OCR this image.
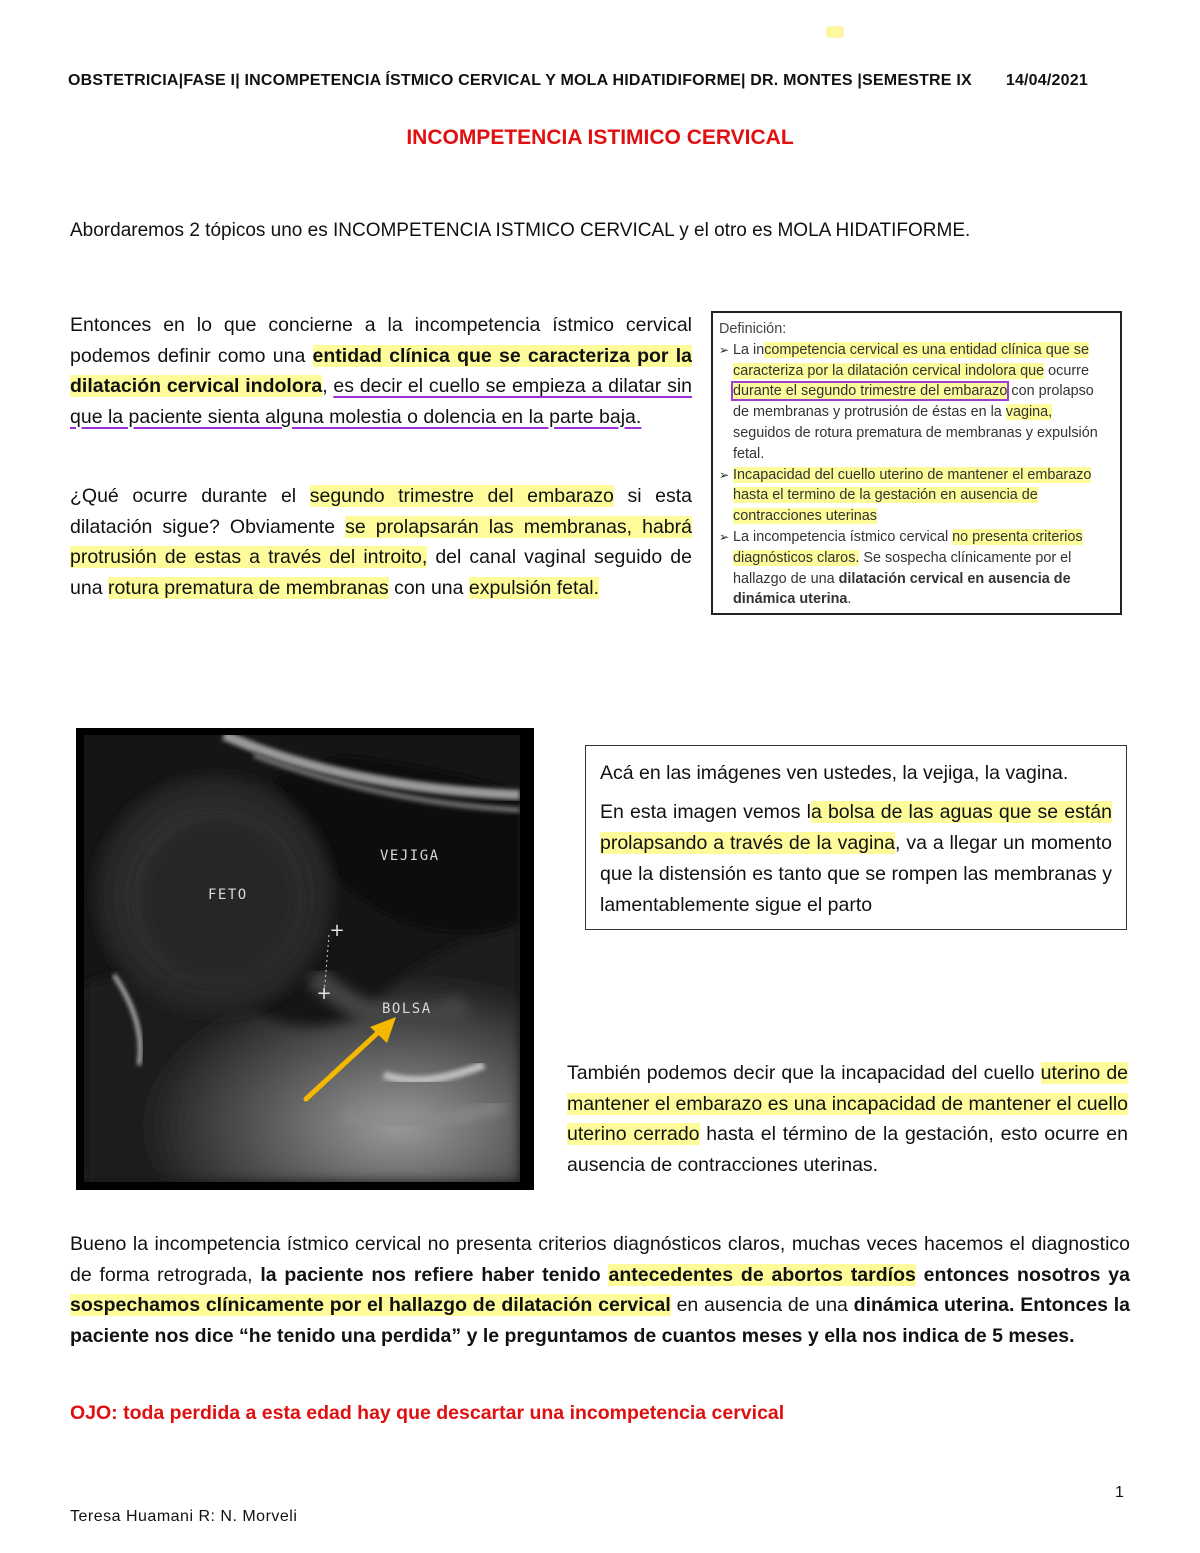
OBSTETRICIA|FASE I| INCOMPETENCIA ÍSTMICO CERVICAL Y MOLA HIDATIDIFORME| DR. MONTES |SEMESTRE IX 14/04/2021
INCOMPETENCIA ISTIMICO CERVICAL
Abordaremos 2 tópicos uno es INCOMPETENCIA ISTMICO CERVICAL y el otro es MOLA HIDATIFORME.
Entonces en lo que concierne a la incompetencia ístmico cervical podemos definir como una entidad clínica que se caracteriza por la dilatación cervical indolora, es decir el cuello se empieza a dilatar sin que la paciente sienta alguna molestia o dolencia en la parte baja.
¿Qué ocurre durante el segundo trimestre del embarazo si esta dilatación sigue? Obviamente se prolapsarán las membranas, habrá protrusión de estas a través del introito, del canal vaginal seguido de una rotura prematura de membranas con una expulsión fetal.
Definición:
➢ La incompetencia cervical es una entidad clínica que se caracteriza por la dilatación cervical indolora que ocurre durante el segundo trimestre del embarazo con prolapso de membranas y protrusión de éstas en la vagina, seguidos de rotura prematura de membranas y expulsión fetal.
➢ Incapacidad del cuello uterino de mantener el embarazo hasta el termino de la gestación en ausencia de contracciones uterinas
➢ La incompetencia ístmico cervical no presenta criterios diagnósticos claros. Se sospecha clínicamente por el hallazgo de una dilatación cervical en ausencia de dinámica uterina.
+
+
FETO
VEJIGA
BOLSA

Acá en las imágenes ven ustedes, la vejiga, la vagina.

En esta imagen vemos la bolsa de las aguas que se están prolapsando a través de la vagina, va a llegar un momento que la distensión es tanto que se rompen las membranas y lamentablemente sigue el parto

También podemos decir que la incapacidad del cuello uterino de mantener el embarazo es una incapacidad de mantener el cuello uterino cerrado hasta el término de la gestación, esto ocurre en ausencia de contracciones uterinas.
Bueno la incompetencia ístmico cervical no presenta criterios diagnósticos claros, muchas veces hacemos el diagnostico de forma retrograda, la paciente nos refiere haber tenido antecedentes de abortos tardíos entonces nosotros ya sospechamos clínicamente por el hallazgo de dilatación cervical en ausencia de una dinámica uterina. Entonces la paciente nos dice “he tenido una perdida” y le preguntamos de cuantos meses y ella nos indica de 5 meses.
OJO: toda perdida a esta edad hay que descartar una incompetencia cervical
1
Teresa Huamani R: N. Morveli
